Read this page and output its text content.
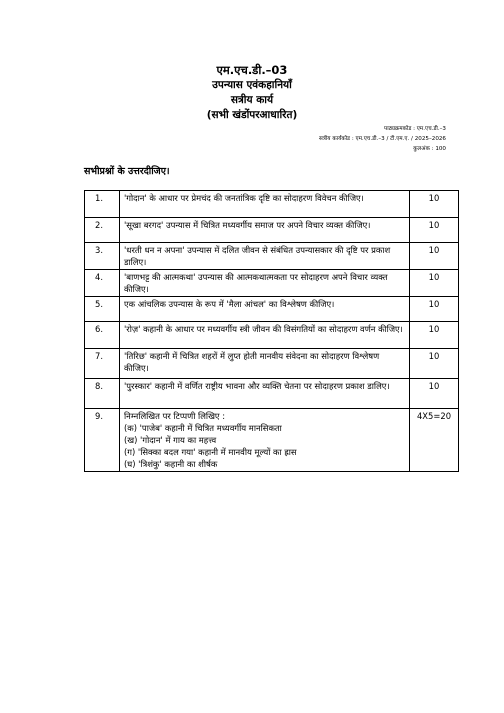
एम.एच.डी.–03
उपन्यास एवंकहानियाँ
सत्रीय कार्य
(सभी खंडोंपरआधारित)
पाठ्यक्रमकोड : एम.एच.डी.–3
सत्रीय कार्यकोड : एम.एच.डी.–3 / टी.एम.ए. / 2025–2026
कुलअंक : 100
सभीप्रश्नों के उत्तरदीजिए।
1.	'गोदान' के आधार पर प्रेमचंद की जनतांत्रिक दृष्टि का सोदाहरण विवेचन कीजिए।	10
2.	'सूखा बरगद' उपन्यास में चित्रित मध्यवर्गीय समाज पर अपने विचार व्यक्त कीजिए।	10
3.	'धरती धन न अपना' उपन्यास में दलित जीवन से संबंधित उपन्यासकार की दृष्टि पर प्रकाश डालिए।	10
4.	'बाणभट्ट की आत्मकथा' उपन्यास की आत्मकथात्मकता पर सोदाहरण अपने विचार व्यक्त कीजिए।	10
5.	एक आंचलिक उपन्यास के रूप में 'मैला आंचल' का विश्लेषण कीजिए।	10
6.	'रोज़' कहानी के आधार पर मध्यवर्गीय स्त्री जीवन की विसंगतियों का सोदाहरण वर्णन कीजिए।	10
7.	'तिरिछ' कहानी में चित्रित शहरों में लुप्त होती मानवीय संवेदना का सोदाहरण विश्लेषण कीजिए।	10
8.	'पुरस्कार' कहानी में वर्णित राष्ट्रीय भावना और व्यक्ति चेतना पर सोदाहरण प्रकाश डालिए।	10
9.	निम्नलिखित पर टिप्पणी लिखिए :
(क) 'पाजेब' कहानी में चित्रित मध्यवर्गीय मानसिकता
(ख) 'गोदान' में गाय का महत्त्व
(ग) 'सिक्का बदल गया' कहानी में मानवीय मूल्यों का ह्रास
(घ) 'त्रिशंकु' कहानी का शीर्षक	4X5=20
